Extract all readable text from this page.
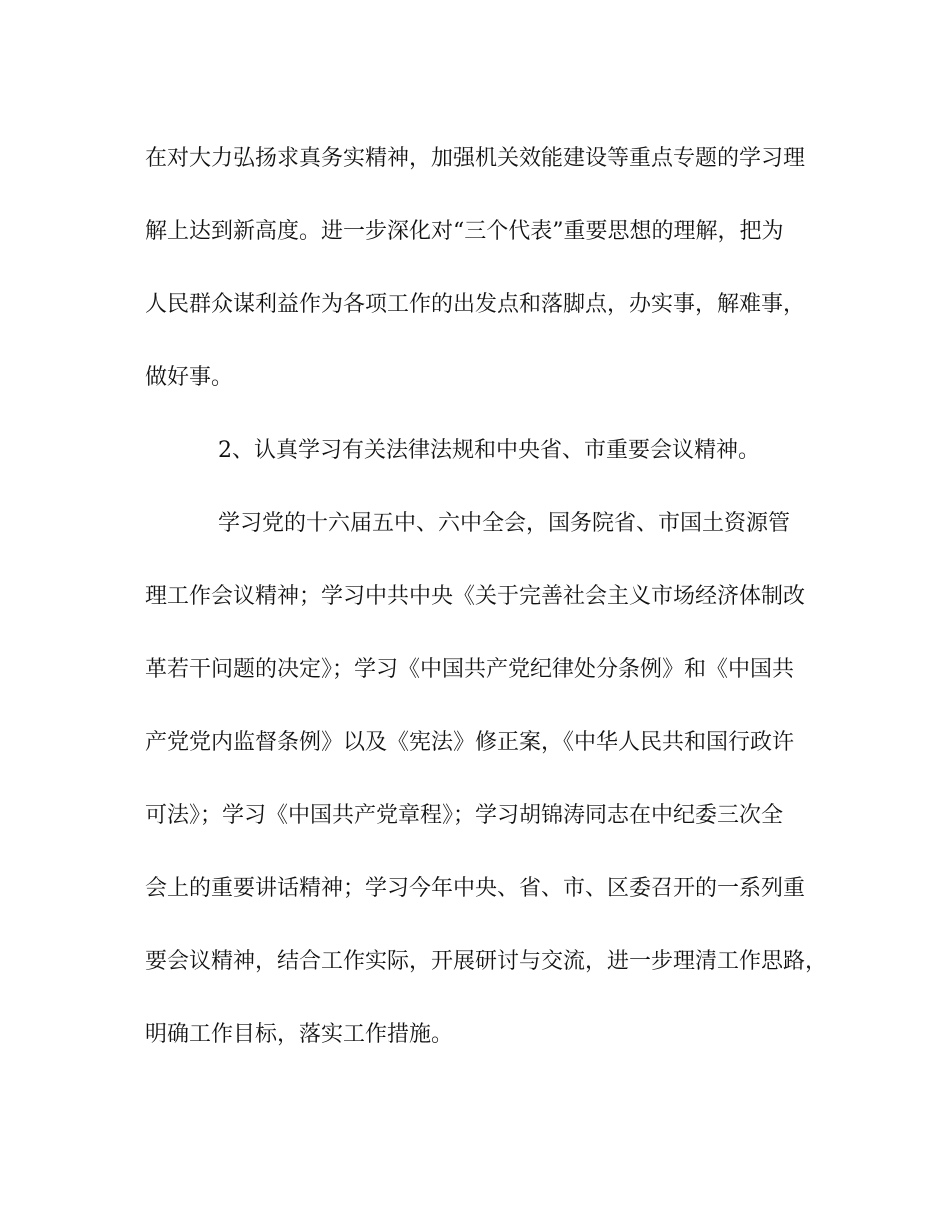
在对大力弘扬求真务实精神，加强机关效能建设等重点专题的学习理
解上达到新高度。进一步深化对“三个代表”重要思想的理解，把为
人民群众谋利益作为各项工作的出发点和落脚点，办实事，解难事，
做好事。
2、认真学习有关法律法规和中央省、市重要会议精神。
学习党的十六届五中、六中全会，国务院省、市国土资源管
理工作会议精神；学习中共中央《关于完善社会主义市场经济体制改
革若干问题的决定》；学习《中国共产党纪律处分条例》和《中国共
产党党内监督条例》以及《宪法》修正案，《中华人民共和国行政许
可法》；学习《中国共产党章程》；学习胡锦涛同志在中纪委三次全
会上的重要讲话精神；学习今年中央、省、市、区委召开的一系列重
要会议精神，结合工作实际，开展研讨与交流，进一步理清工作思路，
明确工作目标，落实工作措施。
